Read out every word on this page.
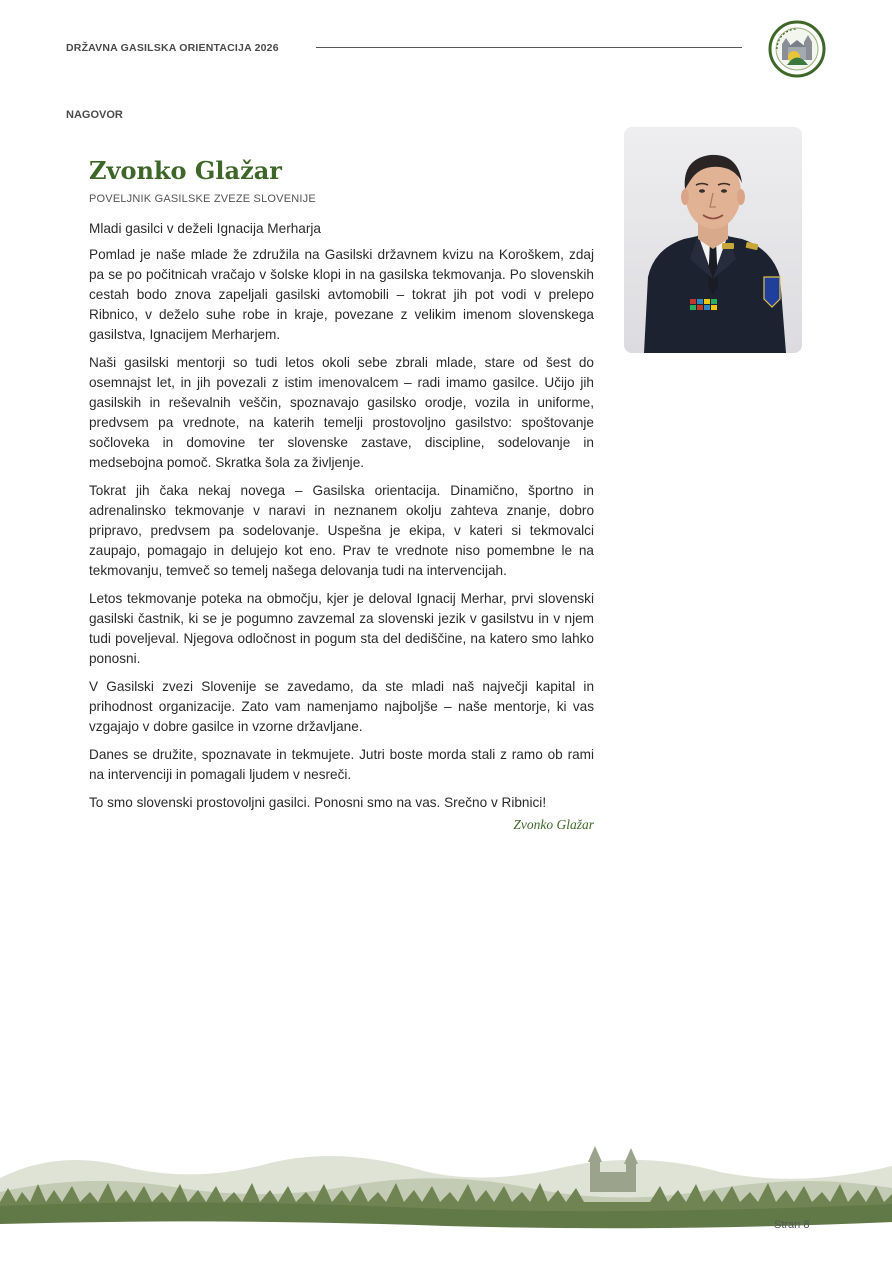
DRŽAVNA GASILSKA ORIENTACIJA 2026
NAGOVOR
Zvonko Glažar
POVELJNIK GASILSKE ZVEZE SLOVENIJE

Mladi gasilci v deželi Ignacija Merharja

Pomlad je naše mlade že združila na Gasilski državnem kvizu na Koroškem, zdaj pa se po počitnicah vračajo v šolske klopi in na gasilska tekmovanja. Po slovenskih cestah bodo znova zapeljali gasilski avtomobili – tokrat jih pot vodi v prelepo Ribnico, v deželo suhe robe in kraje, povezane z velikim imenom slovenskega gasilstva, Ignacijem Merharjem.

Naši gasilski mentorji so tudi letos okoli sebe zbrali mlade, stare od šest do osemnajst let, in jih povezali z istim imenovalcem – radi imamo gasilce. Učijo jih gasilskih in reševalnih veščin, spoznavajo gasilsko orodje, vozila in uniforme, predvsem pa vrednote, na katerih temelji prostovoljno gasilstvo: spoštovanje sočloveka in domovine ter slovenske zastave, discipline, sodelovanje in medsebojna pomoč. Skratka šola za življenje.

Tokrat jih čaka nekaj novega – Gasilska orientacija. Dinamično, športno in adrenalinsko tekmovanje v naravi in neznanem okolju zahteva znanje, dobro pripravo, predvsem pa sodelovanje. Uspešna je ekipa, v kateri si tekmovalci zaupajo, pomagajo in delujejo kot eno. Prav te vrednote niso pomembne le na tekmovanju, temveč so temelj našega delovanja tudi na intervencijah.

Letos tekmovanje poteka na območju, kjer je deloval Ignacij Merhar, prvi slovenski gasilski častnik, ki se je pogumno zavzemal za slovenski jezik v gasilstvu in v njem tudi poveljeval. Njegova odločnost in pogum sta del dediščine, na katero smo lahko ponosni.

V Gasilski zvezi Slovenije se zavedamo, da ste mladi naš največji kapital in prihodnost organizacije. Zato vam namenjamo najboljše – naše mentorje, ki vas vzgajajo v dobre gasilce in vzorne državljane.

Danes se družite, spoznavate in tekmujete. Jutri boste morda stali z ramo ob rami na intervenciji in pomagali ljudem v nesreči.

To smo slovenski prostovoljni gasilci. Ponosni smo na vas. Srečno v Ribnici!

Zvonko Glažar
Stran 8
